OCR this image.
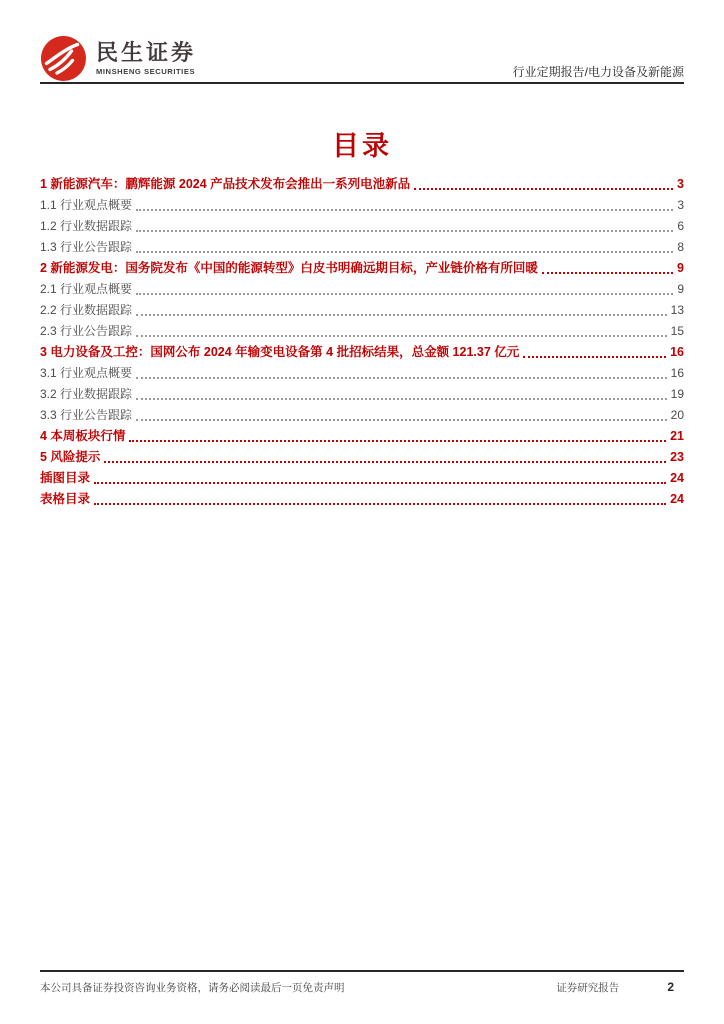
民生证券
MINSHENG SECURITIES	行业定期报告/电力设备及新能源
目录
1 新能源汽车：鹏辉能源 2024 产品技术发布会推出一系列电池新品	3
1.1 行业观点概要	3
1.2 行业数据跟踪	6
1.3 行业公告跟踪	8
2 新能源发电：国务院发布《中国的能源转型》白皮书明确远期目标，产业链价格有所回暖	9
2.1 行业观点概要	9
2.2 行业数据跟踪	13
2.3 行业公告跟踪	15
3 电力设备及工控：国网公布 2024 年输变电设备第 4 批招标结果，总金额 121.37 亿元	16
3.1 行业观点概要	16
3.2 行业数据跟踪	19
3.3 行业公告跟踪	20
4 本周板块行情	21
5 风险提示	23
插图目录	24
表格目录	24
本公司具备证券投资咨询业务资格，请务必阅读最后一页免责声明	证券研究报告	2
